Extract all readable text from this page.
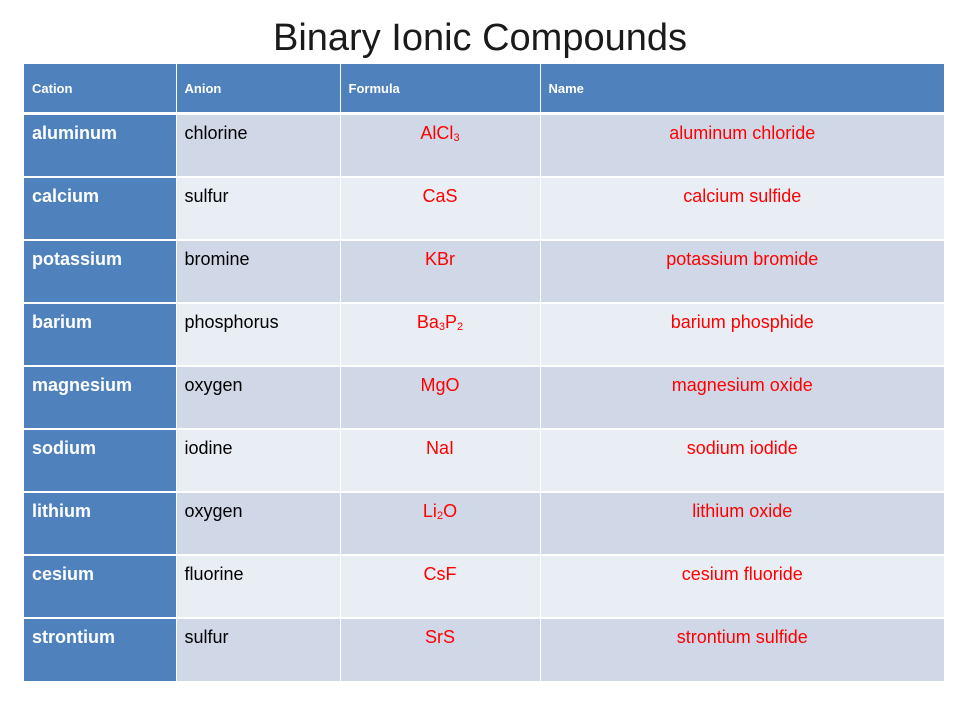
Binary Ionic Compounds
Cation	Anion	Formula	Name
aluminum	chlorine	AlCl$_3$	aluminum chloride
calcium	sulfur	CaS	calcium sulfide
potassium	bromine	KBr	potassium bromide
barium	phosphorus	$Ba_3P_2$	barium phosphide
magnesium	oxygen	MgO	magnesium oxide
sodium	iodine	NaI	sodium iodide
lithium	oxygen	$Li_2O$	lithium oxide
cesium	fluorine	CsF	cesium fluoride
strontium	sulfur	SrS	strontium sulfide
